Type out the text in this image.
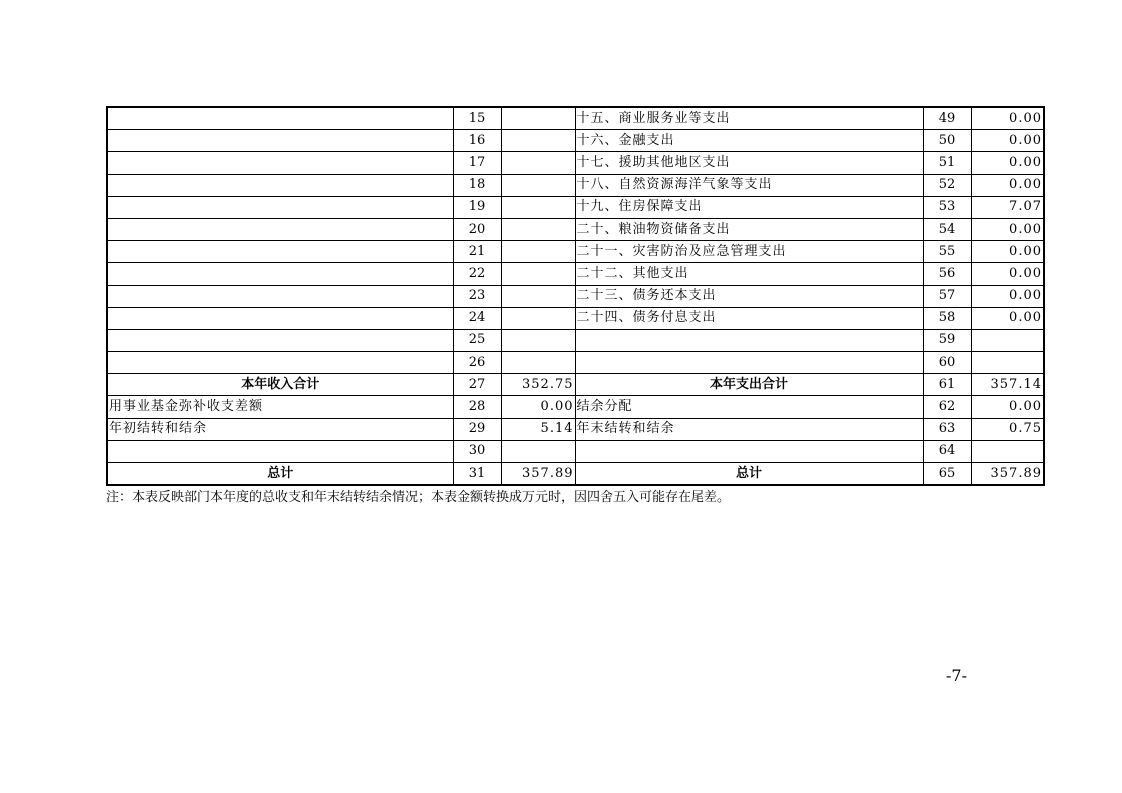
	15		十五、商业服务业等支出	49	0.00
	16		十六、金融支出	50	0.00
	17		十七、援助其他地区支出	51	0.00
	18		十八、自然资源海洋气象等支出	52	0.00
	19		十九、住房保障支出	53	7.07
	20		二十、粮油物资储备支出	54	0.00
	21		二十一、灾害防治及应急管理支出	55	0.00
	22		二十二、其他支出	56	0.00
	23		二十三、债务还本支出	57	0.00
	24		二十四、债务付息支出	58	0.00
	25			59	
	26			60	
本年收入合计	27	352.75	本年支出合计	61	357.14
用事业基金弥补收支差额	28	0.00	结余分配	62	0.00
年初结转和结余	29	5.14	年末结转和结余	63	0.75
	30			64	
总计	31	357.89	总计	65	357.89
注：本表反映部门本年度的总收支和年末结转结余情况；本表金额转换成万元时，因四舍五入可能存在尾差。
-7-
